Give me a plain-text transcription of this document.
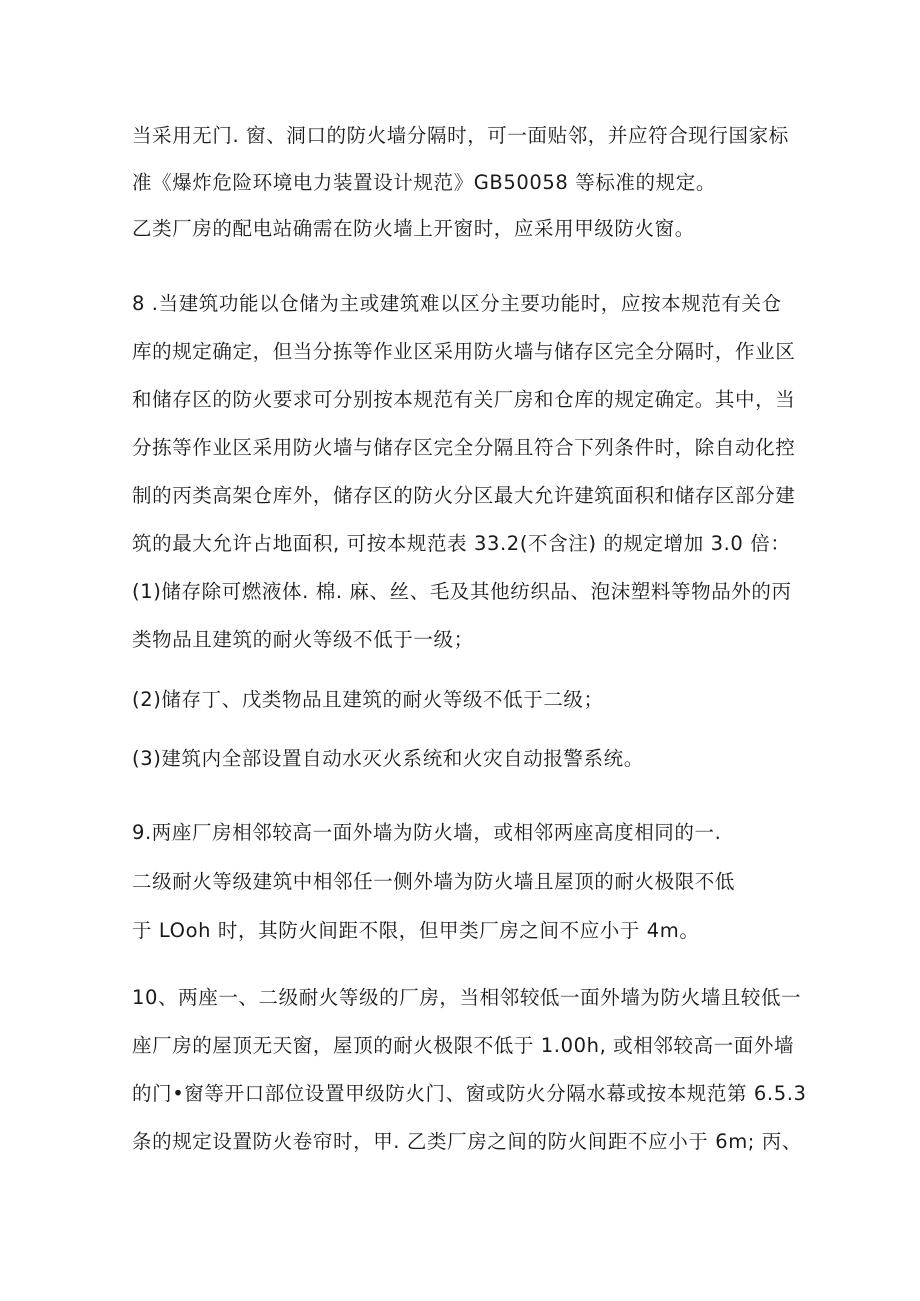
当采用无门. 窗、洞口的防火墙分隔时，可一面贴邻，并应符合现行国家标
准《爆炸危险环境电力装置设计规范》GB50058 等标准的规定。
乙类厂房的配电站确需在防火墙上开窗时，应采用甲级防火窗。
8 .当建筑功能以仓储为主或建筑难以区分主要功能时，应按本规范有关仓
库的规定确定，但当分拣等作业区采用防火墙与储存区完全分隔时，作业区
和储存区的防火要求可分别按本规范有关厂房和仓库的规定确定。其中，当
分拣等作业区采用防火墙与储存区完全分隔且符合下列条件时，除自动化控
制的丙类高架仓库外，储存区的防火分区最大允许建筑面积和储存区部分建
筑的最大允许占地面积, 可按本规范表 33.2(不含注) 的规定增加 3.0 倍：
(1)储存除可燃液体. 棉. 麻、丝、毛及其他纺织品、泡沫塑料等物品外的丙
类物品且建筑的耐火等级不低于一级；
(2)储存丁、戊类物品且建筑的耐火等级不低于二级；
(3)建筑内全部设置自动水灭火系统和火灾自动报警系统。
9.两座厂房相邻较高一面外墙为防火墙，或相邻两座高度相同的一.
二级耐火等级建筑中相邻任一侧外墙为防火墙且屋顶的耐火极限不低
于 LOoh 时，其防火间距不限，但甲类厂房之间不应小于 4m。
10、两座一、二级耐火等级的厂房，当相邻较低一面外墙为防火墙且较低一
座厂房的屋顶无天窗，屋顶的耐火极限不低于 1.00h, 或相邻较高一面外墙
的门•窗等开口部位设置甲级防火门、窗或防火分隔水幕或按本规范第 6.5.3
条的规定设置防火卷帘时，甲. 乙类厂房之间的防火间距不应小于 6m; 丙、
